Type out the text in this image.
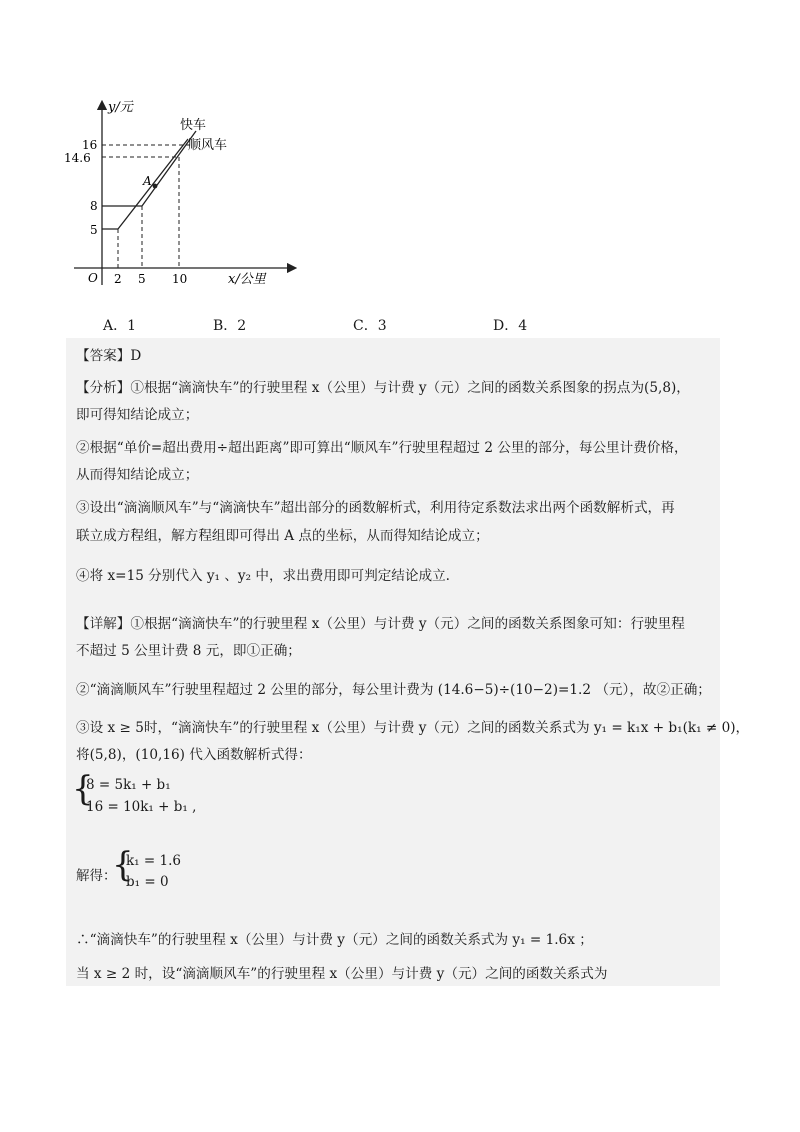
y/元
快车
顺风车
16
14.6
8
5
A
O 2 5 10	x/公里
A．1	B．2	C．3	D．4
【答案】D
【分析】①根据“滴滴快车”的行驶里程 x（公里）与计费 y（元）之间的函数关系图象的拐点为(5,8)，
即可得知结论成立；
②根据“单价=超出费用÷超出距离”即可算出“顺风车”行驶里程超过 2 公里的部分，每公里计费价格，
从而得知结论成立；
③设出“滴滴顺风车”与“滴滴快车”超出部分的函数解析式，利用待定系数法求出两个函数解析式，再
联立成方程组，解方程组即可得出 A 点的坐标，从而得知结论成立；
④将 x=15 分别代入 y₁ 、y₂ 中，求出费用即可判定结论成立.
【详解】①根据“滴滴快车”的行驶里程 x（公里）与计费 y（元）之间的函数关系图象可知：行驶里程
不超过 5 公里计费 8 元，即①正确；
②“滴滴顺风车”行驶里程超过 2 公里的部分，每公里计费为 (14.6−5)÷(10−2)=1.2 （元），故②正确；
③设 x ≥ 5时，“滴滴快车”的行驶里程 x（公里）与计费 y（元）之间的函数关系式为 y₁ = k₁x + b₁(k₁ ≠ 0)，
将(5,8)，(10,16) 代入函数解析式得：
{
8 = 5k₁ + b₁
16 = 10k₁ + b₁ ,
解得：
{
k₁ = 1.6
b₁ = 0
∴“滴滴快车”的行驶里程 x（公里）与计费 y（元）之间的函数关系式为 y₁ = 1.6x ；
当 x ≥ 2 时，设“滴滴顺风车”的行驶里程 x（公里）与计费 y（元）之间的函数关系式为
